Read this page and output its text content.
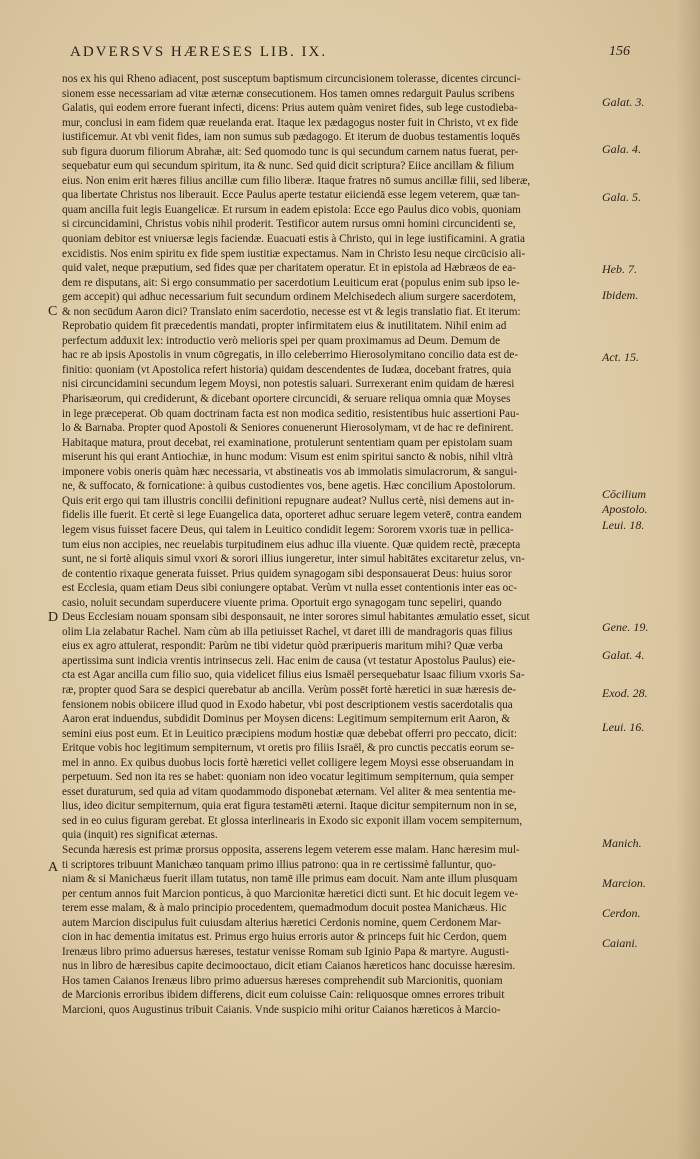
ADVERSVS HÆRESES LIB. IX.	156
nos ex his qui Rheno adiacent, post susceptum baptismum circuncisionem tolerasse, dicentes circunci-
sionem esse necessariam ad vitæ æternæ consecutionem. Hos tamen omnes redarguit Paulus scribens
Galatis, qui eodem errore fuerant infecti, dicens: Prius autem quàm veniret fides, sub lege custodieba-
mur, conclusi in eam fidem quæ reuelanda erat. Itaque lex pædagogus noster fuit in Christo, vt ex fide
iustificemur. At vbi venit fides, iam non sumus sub pædagogo. Et iterum de duobus testamentis loquēs
sub figura duorum filiorum Abrahæ, ait: Sed quomodo tunc is qui secundum carnem natus fuerat, per-
sequebatur eum qui secundum spiritum, ita & nunc. Sed quid dicit scriptura? Eiice ancillam & filium
eius. Non enim erit hæres filius ancillæ cum filio liberæ. Itaque fratres nō sumus ancillæ filii, sed liberæ,
qua libertate Christus nos liberauit. Ecce Paulus aperte testatur eiiciendā esse legem veterem, quæ tan-
quam ancilla fuit legis Euangelicæ. Et rursum in eadem epistola: Ecce ego Paulus dico vobis, quoniam
si circuncidamini, Christus vobis nihil proderit. Testificor autem rursus omni homini circuncidenti se,
quoniam debitor est vniuersæ legis faciendæ. Euacuati estis à Christo, qui in lege iustificamini. A gratia
excidistis. Nos enim spiritu ex fide spem iustitiæ expectamus. Nam in Christo Iesu neque circūcisio ali-
quid valet, neque præputium, sed fides quæ per charitatem operatur. Et in epistola ad Hæbræos de ea-
dem re disputans, ait: Si ergo consummatio per sacerdotium Leuiticum erat (populus enim sub ipso le-
gem accepit) qui adhuc necessarium fuit secundum ordinem Melchisedech alium surgere sacerdotem,
& non secūdum Aaron dici? Translato enim sacerdotio, necesse est vt & legis translatio fiat. Et iterum:
Reprobatio quidem fit præcedentis mandati, propter infirmitatem eius & inutilitatem. Nihil enim ad
perfectum adduxit lex: introductio verò melioris spei per quam proximamus ad Deum. Demum de
hac re ab ipsis Apostolis in vnum cōgregatis, in illo celeberrimo Hierosolymitano concilio data est de-
finitio: quoniam (vt Apostolica refert historia) quidam descendentes de Iudæa, docebant fratres, quia
nisi circuncidamini secundum legem Moysi, non potestis saluari. Surrexerant enim quidam de hæresi
Pharisæorum, qui crediderunt, & dicebant oportere circuncidi, & seruare reliqua omnia quæ Moyses
in lege præceperat. Ob quam doctrinam facta est non modica seditio, resistentibus huic assertioni Pau-
lo & Barnaba. Propter quod Apostoli & Seniores conuenerunt Hierosolymam, vt de hac re definirent.
Habitaque matura, prout decebat, rei examinatione, protulerunt sententiam quam per epistolam suam
miserunt his qui erant Antiochiæ, in hunc modum: Visum est enim spiritui sancto & nobis, nihil vltrà
imponere vobis oneris quàm hæc necessaria, vt abstineatis vos ab immolatis simulacrorum, & sangui-
ne, & suffocato, & fornicatione: à quibus custodientes vos, bene agetis. Hæc concilium Apostolorum.
Quis erit ergo qui tam illustris concilii definitioni repugnare audeat? Nullus certè, nisi demens aut in-
fidelis ille fuerit. Et certè si lege Euangelica data, oporteret adhuc seruare legem veterē, contra eandem
legem visus fuisset facere Deus, qui talem in Leuitico condidit legem: Sororem vxoris tuæ in pellica-
tum eius non accipies, nec reuelabis turpitudinem eius adhuc illa viuente. Quæ quidem rectè, præcepta
sunt, ne si fortè aliquis simul vxori & sorori illius iungeretur, inter simul habitātes excitaretur zelus, vn-
de contentio rixaque generata fuisset. Prius quidem synagogam sibi desponsauerat Deus: huius soror
est Ecclesia, quam etiam Deus sibi coniungere optabat. Verùm vt nulla esset contentionis inter eas oc-
casio, noluit secundam superducere viuente prima. Oportuit ergo synagogam tunc sepeliri, quando
Deus Ecclesiam nouam sponsam sibi desponsauit, ne inter sorores simul habitantes æmulatio esset, sicut
olim Lia zelabatur Rachel. Nam cùm ab illa petiuisset Rachel, vt daret illi de mandragoris quas filius
eius ex agro attulerat, respondit: Parùm ne tibi videtur quòd præripueris maritum mihi? Quæ verba
apertissima sunt indicia vrentis intrinsecus zeli. Hac enim de causa (vt testatur Apostolus Paulus) eie-
cta est Agar ancilla cum filio suo, quia videlicet filius eius Ismaël persequebatur Isaac filium vxoris Sa-
ræ, propter quod Sara se despici querebatur ab ancilla. Verùm possēt fortè hæretici in suæ hæresis de-
fensionem nobis obiicere illud quod in Exodo habetur, vbi post descriptionem vestis sacerdotalis qua
Aaron erat induendus, subdidit Dominus per Moysen dicens: Legitimum sempiternum erit Aaron, &
semini eius post eum. Et in Leuitico præcipiens modum hostiæ quæ debebat offerri pro peccato, dicit:
Eritque vobis hoc legitimum sempiternum, vt oretis pro filiis Israël, & pro cunctis peccatis eorum se-
mel in anno. Ex quibus duobus locis fortè hæretici vellet colligere legem Moysi esse obseruandam in
perpetuum. Sed non ita res se habet: quoniam non ideo vocatur legitimum sempiternum, quia semper
esset duraturum, sed quia ad vitam quodammodo disponebat æternam. Vel aliter & mea sententia me-
lius, ideo dicitur sempiternum, quia erat figura testamēti æterni. Itaque dicitur sempiternum non in se,
sed in eo cuius figuram gerebat. Et glossa interlinearis in Exodo sic exponit illam vocem sempiternum,
quia (inquit) res significat æternas.
Secunda hæresis est primæ prorsus opposita, asserens legem veterem esse malam. Hanc hæresim mul-
ti scriptores tribuunt Manichæo tanquam primo illius patrono: qua in re certissimè falluntur, quo-
niam & si Manichæus fuerit illam tutatus, non tamē ille primus eam docuit. Nam ante illum plusquam
per centum annos fuit Marcion ponticus, à quo Marcionitæ hæretici dicti sunt. Et hic docuit legem ve-
terem esse malam, & à malo principio procedentem, quemadmodum docuit postea Manichæus. Hic
autem Marcion discipulus fuit cuiusdam alterius hæretici Cerdonis nomine, quem Cerdonem Mar-
cion in hac dementia imitatus est. Primus ergo huius erroris autor & princeps fuit hic Cerdon, quem
Irenæus libro primo aduersus hæreses, testatur venisse Romam sub Iginio Papa & martyre. Augusti-
nus in libro de hæresibus capite decimooctauo, dicit etiam Caianos hæreticos hanc docuisse hæresim.
Hos tamen Caianos Irenæus libro primo aduersus hæreses comprehendit sub Marcionitis, quoniam
de Marcionis erroribus ibidem differens, dicit eum coluisse Cain: reliquosque omnes errores tribuit
Marcioni, quos Augustinus tribuit Caianis. Vnde suspicio mihi oritur Caianos hæreticos à Marcio-
C
D
A
Galat. 3.
Gala. 4.
Gala. 5.
Heb. 7.
Ibidem.
Act. 15.
Cōcilium
Apostolo.
Leui. 18.
Gene. 19.
Galat. 4.
Exod. 28.
Leui. 16.
Manich.
Marcion.
Cerdon.
Caiani.
